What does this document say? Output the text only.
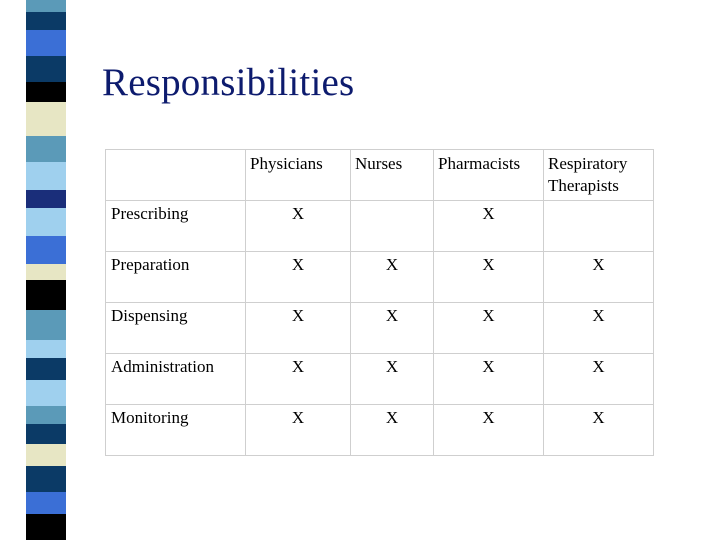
Responsibilities
	Physicians	Nurses	Pharmacists	Respiratory Therapists
Prescribing	X		X	
Preparation	X	X	X	X
Dispensing	X	X	X	X
Administration	X	X	X	X
Monitoring	X	X	X	X
